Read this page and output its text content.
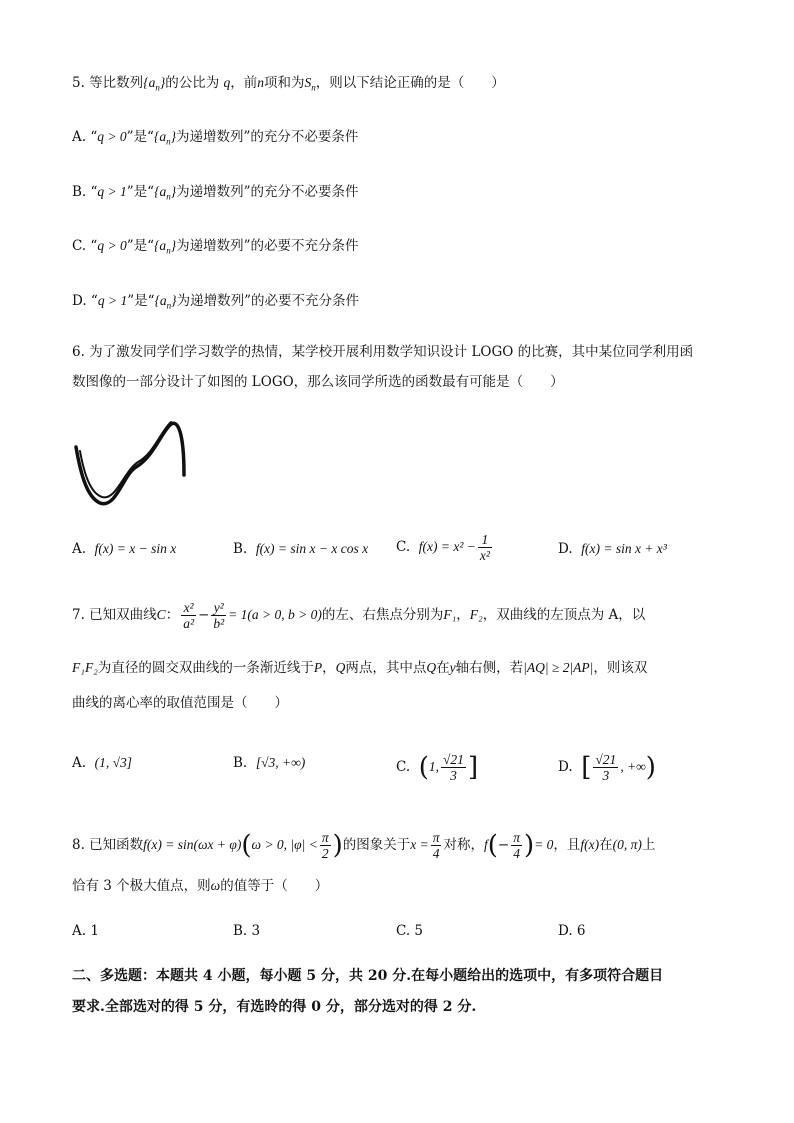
5. 等比数列$\{a_n\}$的公比为 q，前n项和为$S_n$，则以下结论正确的是（　　）
A. “q > 0”是“$\{a_n\}$为递增数列”的充分不必要条件
B. “q > 1”是“$\{a_n\}$为递增数列”的充分不必要条件
C. “q > 0”是“$\{a_n\}$为递增数列”的必要不充分条件
D. “q > 1”是“$\{a_n\}$为递增数列”的必要不充分条件
6. 为了激发同学们学习数学的热情，某学校开展利用数学知识设计 LOGO 的比赛，其中某位同学利用函
数图像的一部分设计了如图的 LOGO，那么该同学所选的函数最有可能是（　　）
A. f(x) = x − sin x	B. f(x) = sin x − x cos x C. $f(x) = x^2 - \frac{1}{\text{x²}}$	D. f(x) = sin x + x³
7. 已知双曲线C： $\frac{\text{x²}}{\text{a²}} - \frac{\text{y²}}{\text{b²}} = 1(a > 0$, b > 0)的左、右焦点分别为F₁，F₂，双曲线的左顶点为 A，以
F₁F₂为直径的圆交双曲线的一条渐近线于P，Q两点，其中点Q在y轴右侧，若|AQ| ≥ 2|AP|，则该双
曲线的离心率的取值范围是（　　）
A. (1, √3]	B. [√3, +∞)	C. (1, $\frac{√21}{3}$ ]	D. [ $\frac{√21}{3}$ , +∞)
8. 已知函数f(x) = sin(ωx + φ)(ω > 0, $|\varphi| < \frac{\pi}{2}$ )的图象关于$x = \frac{\pi}{4}$ 对称，$f(- \frac{\pi}{4}$ )= 0，且f(x)在(0, π)上
恰有 3 个极大值点，则ω的值等于（　　）
A. 1	B. 3	C. 5	D. 6
二、多选题：本题共 4 小题，每小题 5 分，共 20 分.在每小题给出的选项中，有多项符合题目
要求.全部选对的得 5 分，有选昤的得 0 分，部分选对的得 2 分.
